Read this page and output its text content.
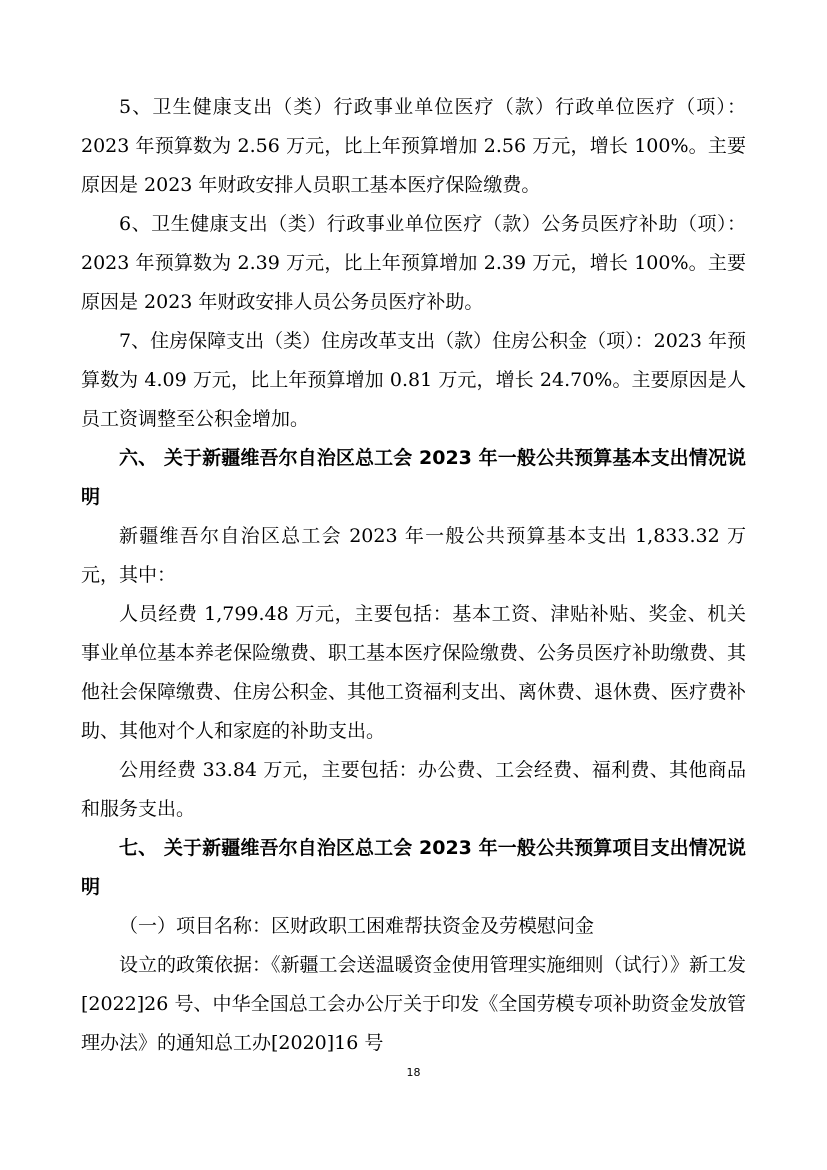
5、卫生健康支出（类）行政事业单位医疗（款）行政单位医疗（项）：2023 年预算数为 2.56 万元，比上年预算增加 2.56 万元，增长 100%。主要原因是 2023 年财政安排人员职工基本医疗保险缴费。

6、卫生健康支出（类）行政事业单位医疗（款）公务员医疗补助（项）：2023 年预算数为 2.39 万元，比上年预算增加 2.39 万元，增长 100%。主要原因是 2023 年财政安排人员公务员医疗补助。

7、住房保障支出（类）住房改革支出（款）住房公积金（项）：2023 年预算数为 4.09 万元，比上年预算增加 0.81 万元，增长 24.70%。主要原因是人员工资调整至公积金增加。

六、 关于新疆维吾尔自治区总工会 2023 年一般公共预算基本支出情况说明

新疆维吾尔自治区总工会 2023 年一般公共预算基本支出 1,833.32 万元，其中：

人员经费 1,799.48 万元，主要包括：基本工资、津贴补贴、奖金、机关事业单位基本养老保险缴费、职工基本医疗保险缴费、公务员医疗补助缴费、其他社会保障缴费、住房公积金、其他工资福利支出、离休费、退休费、医疗费补助、其他对个人和家庭的补助支出。

公用经费 33.84 万元，主要包括：办公费、工会经费、福利费、其他商品和服务支出。

七、 关于新疆维吾尔自治区总工会 2023 年一般公共预算项目支出情况说明

（一）项目名称：区财政职工困难帮扶资金及劳模慰问金

设立的政策依据：《新疆工会送温暖资金使用管理实施细则（试行）》新工发[2022]26 号、中华全国总工会办公厅关于印发《全国劳模专项补助资金发放管理办法》的通知总工办[2020]16 号

18
